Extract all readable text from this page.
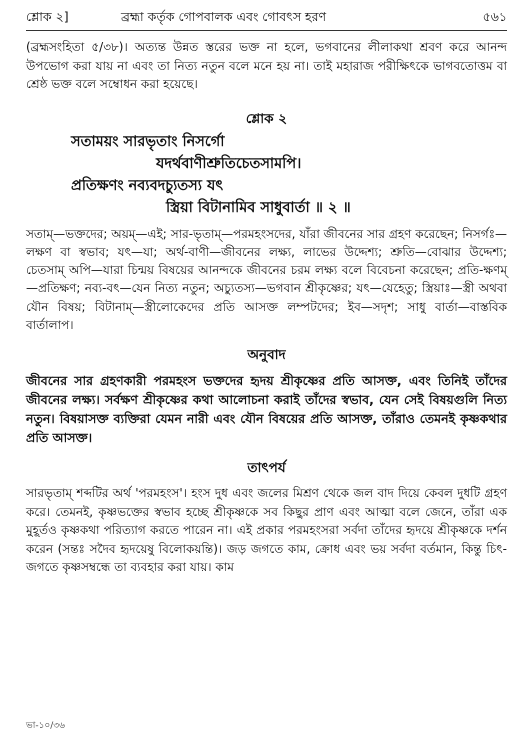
শ্লোক ২]	ব্রহ্মা কর্তৃক গোপবালক এবং গোবৎস হরণ	৫৬১

(ব্রহ্মসংহিতা ৫/৩৮)। অত্যন্ত উন্নত স্তরের ভক্ত না হলে, ভগবানের লীলাকথা শ্রবণ করে আনন্দ উপভোগ করা যায় না এবং তা নিত্য নতুন বলে মনে হয় না। তাই মহারাজ পরীক্ষিৎকে ভাগবতোত্তম বা শ্রেষ্ঠ ভক্ত বলে সম্বোধন করা হয়েছে।

শ্লোক ২

সতাময়ং সারভৃতাং নিসর্গো
যদর্থবাণীশ্রুতিচেতসামপি।
প্রতিক্ষণং নব্যবদচ্যুতস্য যৎ
স্ত্রিয়া বিটানামিব সাধুবার্তা ॥ ২ ॥

সতাম্—ভক্তদের; অয়ম্—এই; সার-ভৃতাম্—পরমহংসদের, যাঁরা জীবনের সার গ্রহণ করেছেন; নিসর্গঃ—লক্ষণ বা স্বভাব; যৎ—যা; অর্থ-বাণী—জীবনের লক্ষ্য, লাভের উদ্দেশ্য; শ্রুতি—বোঝার উদ্দেশ্য; চেতসাম্ অপি—যারা চিন্ময় বিষয়ের আনন্দকে জীবনের চরম লক্ষ্য বলে বিবেচনা করেছেন; প্রতি-ক্ষণম্—প্রতিক্ষণ; নব্য-বৎ—যেন নিত্য নতুন; অচ্যুতস্য—ভগবান শ্রীকৃষ্ণের; যৎ—যেহেতু; স্ত্রিয়াঃ—স্ত্রী অথবা যৌন বিষয়; বিটানাম্—স্ত্রীলোকেদের প্রতি আসক্ত লম্পটদের; ইব—সদৃশ; সাধু বার্তা—বাস্তবিক বার্তালাপ।

অনুবাদ

জীবনের সার গ্রহণকারী পরমহংস ভক্তদের হৃদয় শ্রীকৃষ্ণের প্রতি আসক্ত, এবং তিনিই তাঁদের জীবনের লক্ষ্য। সর্বক্ষণ শ্রীকৃষ্ণের কথা আলোচনা করাই তাঁদের স্বভাব, যেন সেই বিষয়গুলি নিত্য নতুন। বিষয়াসক্ত ব্যক্তিরা যেমন নারী এবং যৌন বিষয়ের প্রতি আসক্ত, তাঁরাও তেমনই কৃষ্ণকথার প্রতি আসক্ত।

তাৎপর্য

সারভৃতাম্ শব্দটির অর্থ 'পরমহংস'। হংস দুধ এবং জলের মিশ্রণ থেকে জল বাদ দিয়ে কেবল দুধটি গ্রহণ করে। তেমনই, কৃষ্ণভক্তের স্বভাব হচ্ছে শ্রীকৃষ্ণকে সব কিছুর প্রাণ এবং আত্মা বলে জেনে, তাঁরা এক মুহূর্তও কৃষ্ণকথা পরিত্যাগ করতে পারেন না। এই প্রকার পরমহংসরা সর্বদা তাঁদের হৃদয়ে শ্রীকৃষ্ণকে দর্শন করেন (সন্তঃ সদৈব হৃদয়েষু বিলোকয়ন্তি)। জড় জগতে কাম, ক্রোধ এবং ভয় সর্বদা বর্তমান, কিন্তু চিৎ-জগতে কৃষ্ণসম্বন্ধে তা ব্যবহার করা যায়। কাম

ভা-১০/৩৬
